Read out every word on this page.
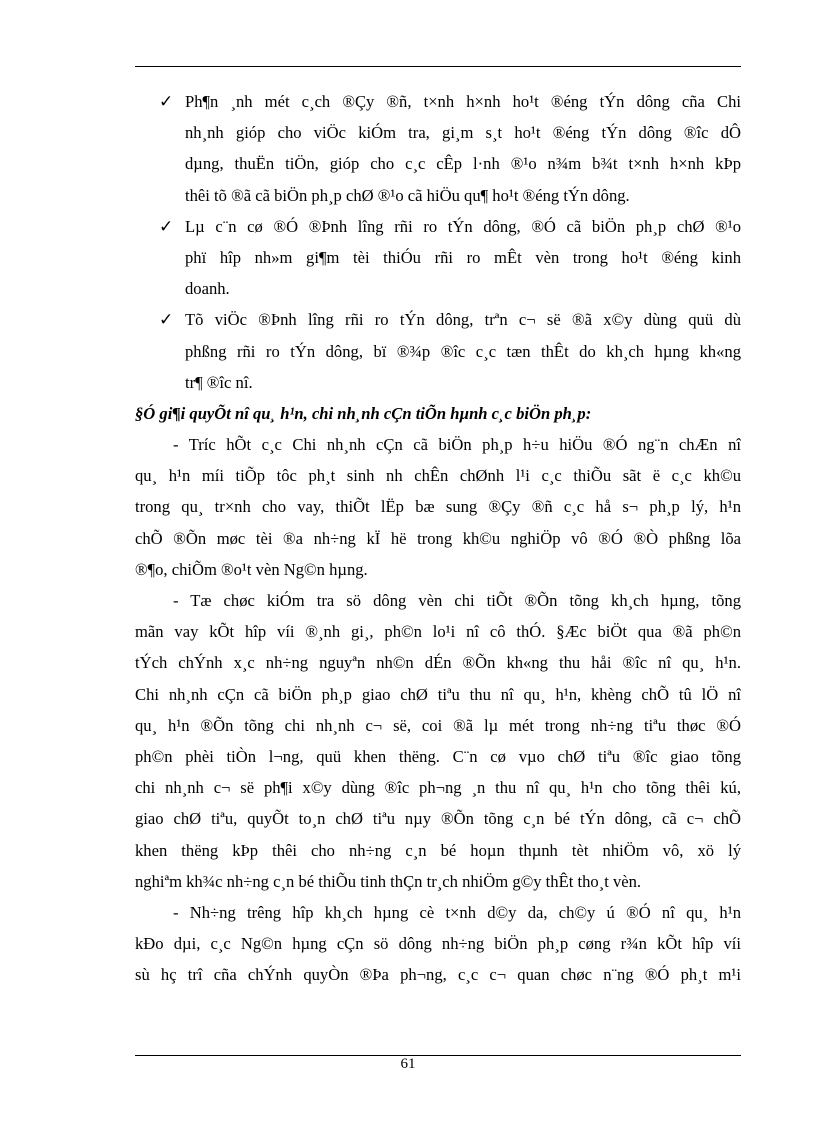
✓ Ph¶n ¸nh mét c¸ch ®Çy ®ñ, t×nh h×nh ho¹t ®éng tÝn dông cña Chi
nh¸nh gióp cho viÖc kiÓm tra, gi¸m s¸t ho¹t ®éng tÝn dông ®îc dÔ
dµng, thuËn tiÖn, gióp cho c¸c cÊp l·nh ®¹o n¾m b¾t t×nh h×nh kÞp
thêi tõ ®ã cã biÖn ph¸p chØ ®¹o cã hiÖu qu¶ ho¹t ®éng tÝn dông.
✓ Lµ c¨n cø ®Ó ®Þnh lîng rñi ro tÝn dông, ®Ó cã biÖn ph¸p chØ ®¹o
phï hîp nh»m gi¶m tèi thiÓu rñi ro mÊt vèn trong ho¹t ®éng kinh
doanh.
✓ Tõ viÖc ®Þnh lîng rñi ro tÝn dông, trªn c¬ së ®ã x©y dùng quü dù
phßng rñi ro tÝn dông, bï ®¾p ®îc c¸c tæn thÊt do kh¸ch hµng kh«ng
tr¶ ®îc nî.
§Ó gi¶i quyÕt nî qu¸ h¹n, chi nh¸nh cÇn tiÕn hµnh c¸c biÖn ph¸p:
- Tríc hÕt c¸c Chi nh¸nh cÇn cã biÖn ph¸p h÷u hiÖu ®Ó ng¨n chÆn nî
qu¸ h¹n míi tiÕp tôc ph¸t sinh nh chÊn chØnh l¹i c¸c thiÕu sãt ë c¸c kh©u
trong qu¸ tr×nh cho vay, thiÕt lËp bæ sung ®Çy ®ñ c¸c hå s¬ ph¸p lý, h¹n
chÕ ®Õn møc tèi ®a nh÷ng kÏ hë trong kh©u nghiÖp vô ®Ó ®Ò phßng lõa
®¶o, chiÕm ®o¹t vèn Ng©n hµng.
- Tæ chøc kiÓm tra sö dông vèn chi tiÕt ®Õn tõng kh¸ch hµng, tõng
mãn vay kÕt hîp víi ®¸nh gi¸, ph©n lo¹i nî cô thÓ. §Æc biÖt qua ®ã ph©n
tÝch chÝnh x¸c nh÷ng nguyªn nh©n dÉn ®Õn kh«ng thu håi ®îc nî qu¸ h¹n.
Chi nh¸nh cÇn cã biÖn ph¸p giao chØ tiªu thu nî qu¸ h¹n, khèng chÕ tû lÖ nî
qu¸ h¹n ®Õn tõng chi nh¸nh c¬ së, coi ®ã lµ mét trong nh÷ng tiªu thøc ®Ó
ph©n phèi tiÒn l¬ng, quü khen thëng. C¨n cø vµo chØ tiªu ®îc giao tõng
chi nh¸nh c¬ së ph¶i x©y dùng ®îc ph¬ng ¸n thu nî qu¸ h¹n cho tõng thêi kú,
giao chØ tiªu, quyÕt to¸n chØ tiªu nµy ®Õn tõng c¸n bé tÝn dông, cã c¬ chÕ
khen thëng kÞp thêi cho nh÷ng c¸n bé hoµn thµnh tèt nhiÖm vô, xö lý
nghiªm kh¾c nh÷ng c¸n bé thiÕu tinh thÇn tr¸ch nhiÖm g©y thÊt tho¸t vèn.
- Nh÷ng trêng hîp kh¸ch hµng cè t×nh d©y da, ch©y ú ®Ó nî qu¸ h¹n
kÐo dµi, c¸c Ng©n hµng cÇn sö dông nh÷ng biÖn ph¸p cøng r¾n kÕt hîp víi
sù hç trî cña chÝnh quyÒn ®Þa ph¬ng, c¸c c¬ quan chøc n¨ng ®Ó ph¸t m¹i
61
